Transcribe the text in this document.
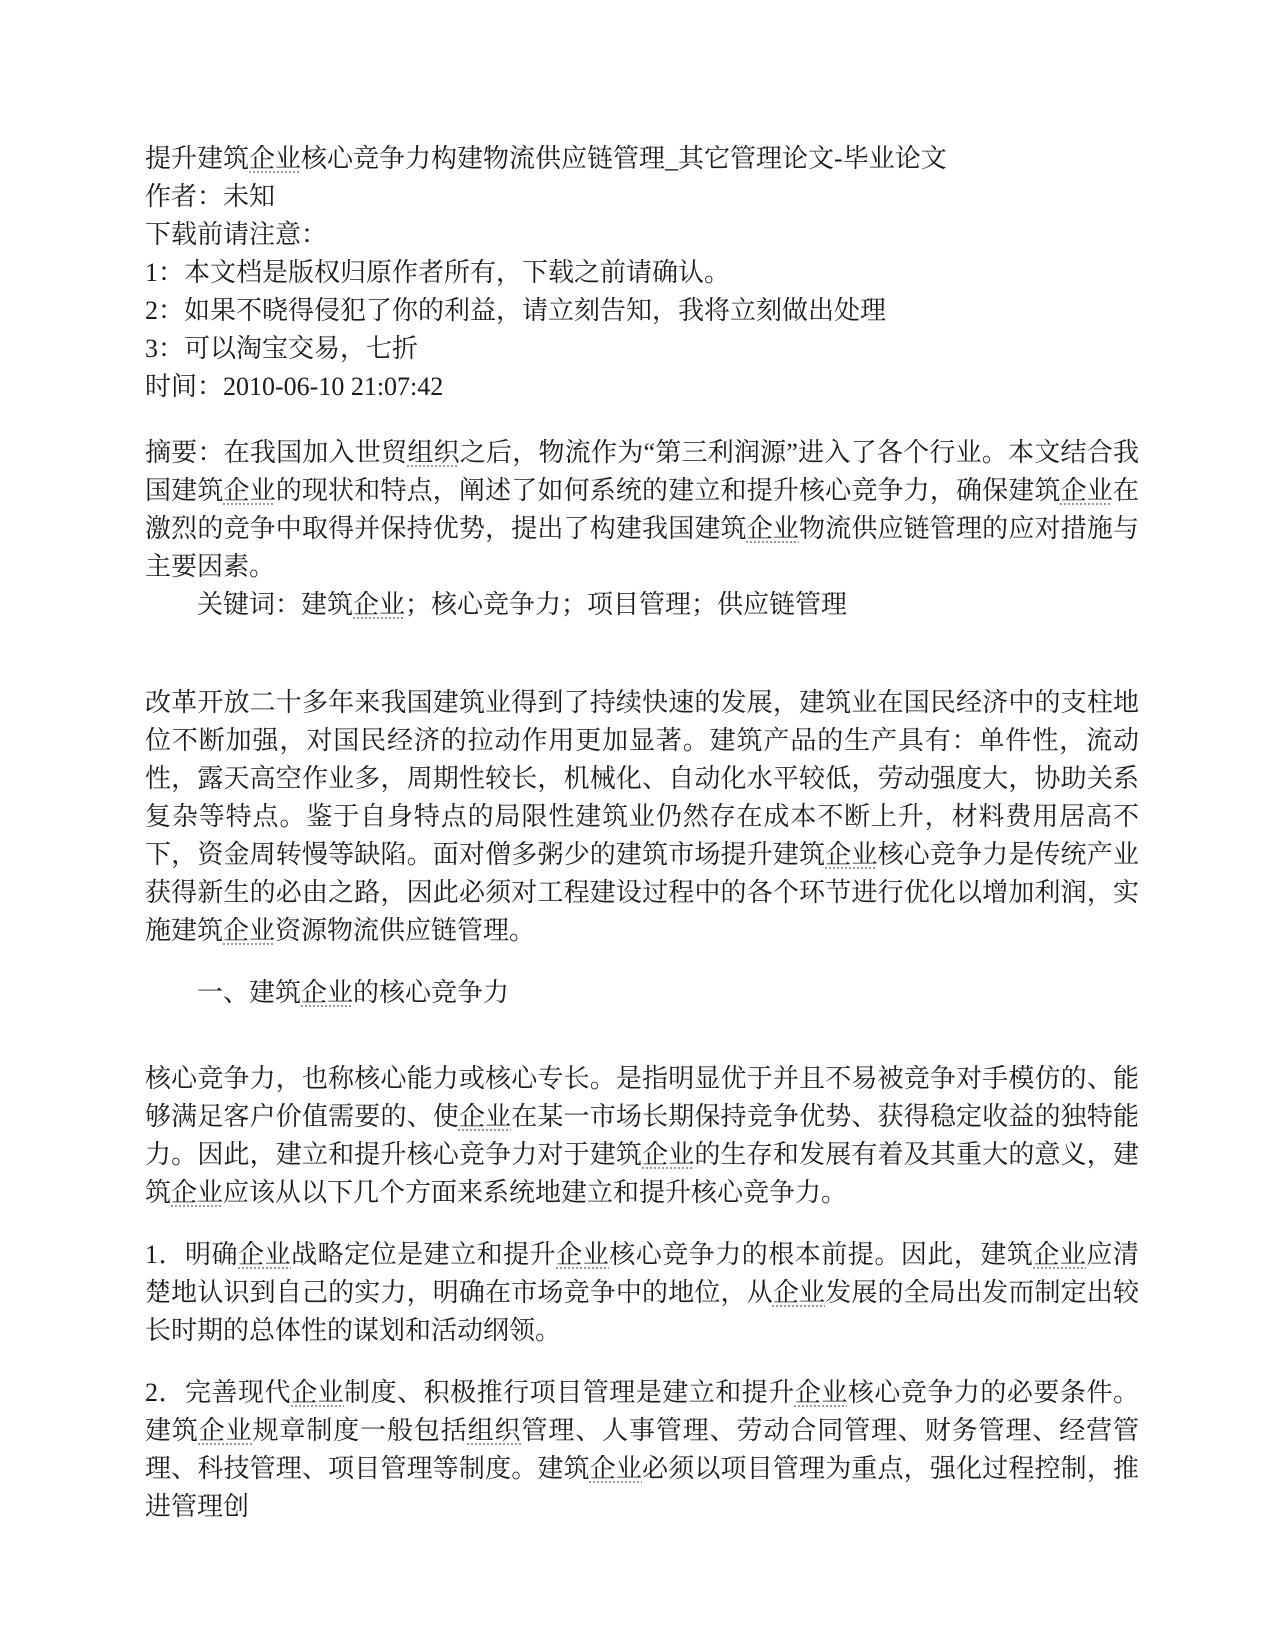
提升建筑企业核心竞争力构建物流供应链管理_其它管理论文-毕业论文

作者：未知

下载前请注意：

1：本文档是版权归原作者所有，下载之前请确认。

2：如果不晓得侵犯了你的利益，请立刻告知，我将立刻做出处理

3：可以淘宝交易，七折

时间：2010-06-10 21:07:42

摘要：在我国加入世贸组织之后，物流作为“第三利润源”进入了各个行业。本文结合我国建筑企业的现状和特点，阐述了如何系统的建立和提升核心竞争力，确保建筑企业在激烈的竞争中取得并保持优势，提出了构建我国建筑企业物流供应链管理的应对措施与主要因素。

关键词：建筑企业；核心竞争力；项目管理；供应链管理

改革开放二十多年来我国建筑业得到了持续快速的发展，建筑业在国民经济中的支柱地位不断加强，对国民经济的拉动作用更加显著。建筑产品的生产具有：单件性，流动性，露天高空作业多，周期性较长，机械化、自动化水平较低，劳动强度大，协助关系复杂等特点。鉴于自身特点的局限性建筑业仍然存在成本不断上升，材料费用居高不下，资金周转慢等缺陷。面对僧多粥少的建筑市场提升建筑企业核心竞争力是传统产业获得新生的必由之路，因此必须对工程建设过程中的各个环节进行优化以增加利润，实施建筑企业资源物流供应链管理。

一、建筑企业的核心竞争力

核心竞争力，也称核心能力或核心专长。是指明显优于并且不易被竞争对手模仿的、能够满足客户价值需要的、使企业在某一市场长期保持竞争优势、获得稳定收益的独特能力。因此，建立和提升核心竞争力对于建筑企业的生存和发展有着及其重大的意义，建筑企业应该从以下几个方面来系统地建立和提升核心竞争力。

1．明确企业战略定位是建立和提升企业核心竞争力的根本前提。因此，建筑企业应清楚地认识到自己的实力，明确在市场竞争中的地位，从企业发展的全局出发而制定出较长时期的总体性的谋划和活动纲领。

2．完善现代企业制度、积极推行项目管理是建立和提升企业核心竞争力的必要条件。建筑企业规章制度一般包括组织管理、人事管理、劳动合同管理、财务管理、经营管理、科技管理、项目管理等制度。建筑企业必须以项目管理为重点，强化过程控制，推进管理创
